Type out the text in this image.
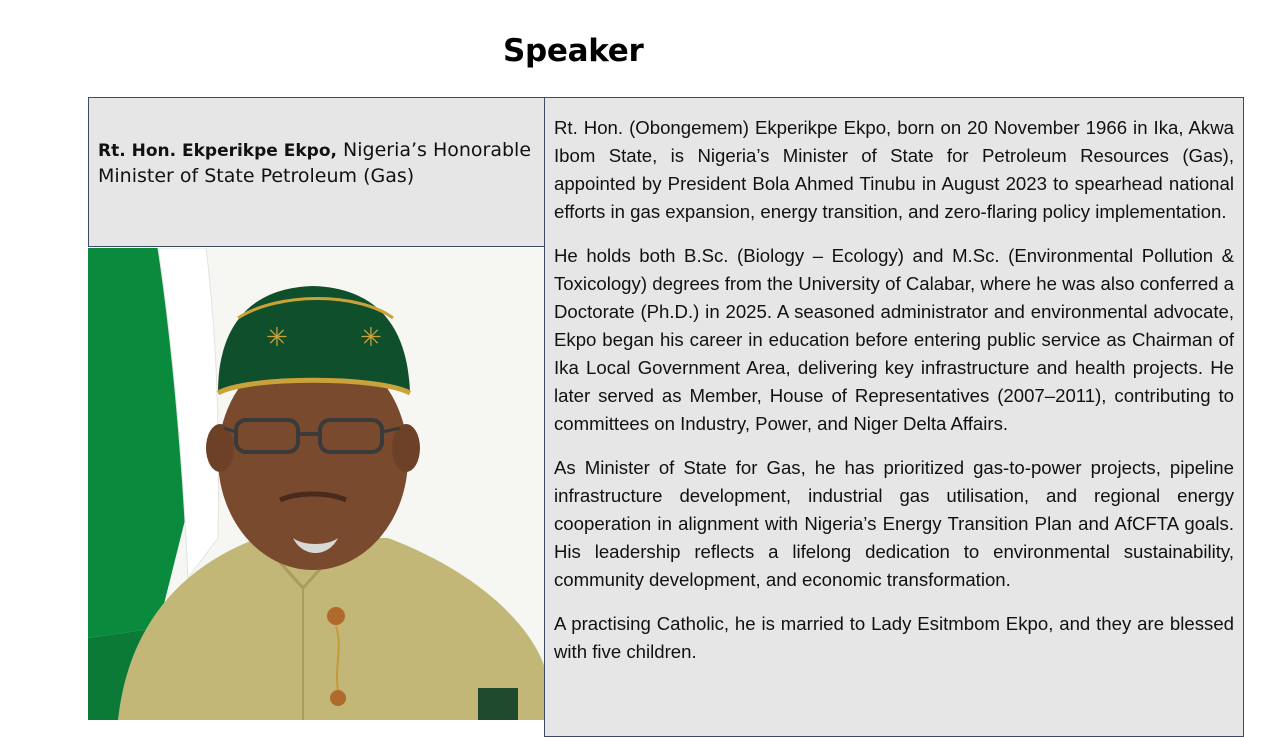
Speaker
Rt. Hon. Ekperikpe Ekpo, Nigeria’s Honorable Minister of State Petroleum (Gas)
✳	✳

Rt. Hon. (Obongemem) Ekperikpe Ekpo, born on 20 November 1966 in Ika, Akwa Ibom State, is Nigeria’s Minister of State for Petroleum Resources (Gas), appointed by President Bola Ahmed Tinubu in August 2023 to spearhead national efforts in gas expansion, energy transition, and zero-flaring policy implementation.

He holds both B.Sc. (Biology – Ecology) and M.Sc. (Environmental Pollution & Toxicology) degrees from the University of Calabar, where he was also conferred a Doctorate (Ph.D.) in 2025. A seasoned administrator and environmental advocate, Ekpo began his career in education before entering public service as Chairman of Ika Local Government Area, delivering key infrastructure and health projects. He later served as Member, House of Representatives (2007–2011), contributing to committees on Industry, Power, and Niger Delta Affairs.

As Minister of State for Gas, he has prioritized gas-to-power projects, pipeline infrastructure development, industrial gas utilisation, and regional energy cooperation in alignment with Nigeria’s Energy Transition Plan and AfCFTA goals. His leadership reflects a lifelong dedication to environmental sustainability, community development, and economic transformation.

A practising Catholic, he is married to Lady Esitmbom Ekpo, and they are blessed with five children.
